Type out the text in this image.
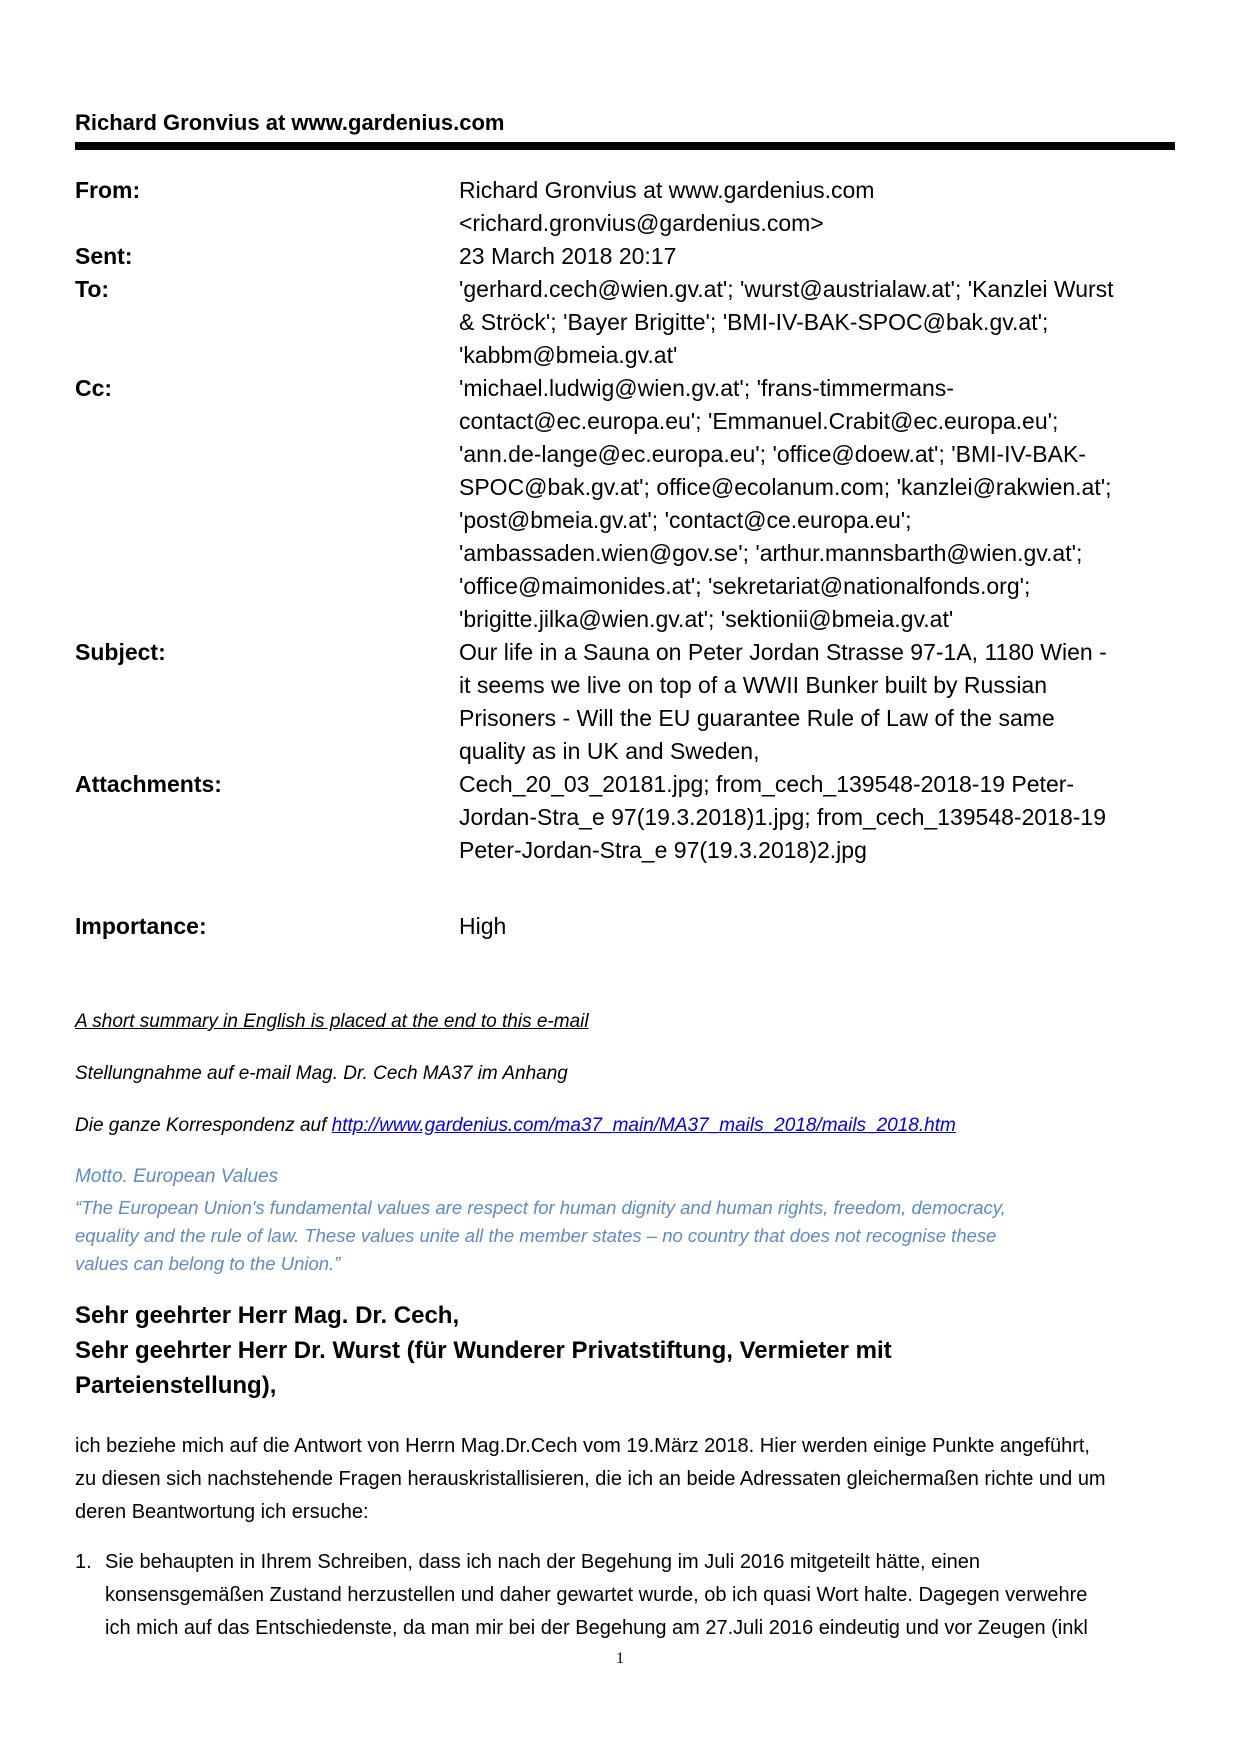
Richard Gronvius at www.gardenius.com
From:	Richard Gronvius at www.gardenius.com
<richard.gronvius@gardenius.com>
Sent:	23 March 2018 20:17
To:	'gerhard.cech@wien.gv.at'; 'wurst@austrialaw.at'; 'Kanzlei Wurst
& Ströck'; 'Bayer Brigitte'; 'BMI-IV-BAK-SPOC@bak.gv.at';
'kabbm@bmeia.gv.at'
Cc:	'michael.ludwig@wien.gv.at'; 'frans-timmermans-
contact@ec.europa.eu'; 'Emmanuel.Crabit@ec.europa.eu';
'ann.de-lange@ec.europa.eu'; 'office@doew.at'; 'BMI-IV-BAK-
SPOC@bak.gv.at'; office@ecolanum.com; 'kanzlei@rakwien.at';
'post@bmeia.gv.at'; 'contact@ce.europa.eu';
'ambassaden.wien@gov.se'; 'arthur.mannsbarth@wien.gv.at';
'office@maimonides.at'; 'sekretariat@nationalfonds.org';
'brigitte.jilka@wien.gv.at'; 'sektionii@bmeia.gv.at'
Subject:	Our life in a Sauna on Peter Jordan Strasse 97-1A, 1180 Wien -
it seems we live on top of a WWII Bunker built by Russian
Prisoners - Will the EU guarantee Rule of Law of the same
quality as in UK and Sweden,
Attachments:	Cech_20_03_20181.jpg; from_cech_139548-2018-19 Peter-
Jordan-Stra_e 97(19.3.2018)1.jpg; from_cech_139548-2018-19
Peter-Jordan-Stra_e 97(19.3.2018)2.jpg
Importance:	High
A short summary in English is placed at the end to this e-mail
Stellungnahme auf e-mail Mag. Dr. Cech MA37 im Anhang
Die ganze Korrespondenz auf http://www.gardenius.com/ma37_main/MA37_mails_2018/mails_2018.htm
Motto. European Values
“The European Union's fundamental values are respect for human dignity and human rights, freedom, democracy,
equality and the rule of law. These values unite all the member states – no country that does not recognise these
values can belong to the Union.”
Sehr geehrter Herr Mag. Dr. Cech,
Sehr geehrter Herr Dr. Wurst (für Wunderer Privatstiftung, Vermieter mit
Parteienstellung),
ich beziehe mich auf die Antwort von Herrn Mag.Dr.Cech vom 19.März 2018. Hier werden einige Punkte angeführt,
zu diesen sich nachstehende Fragen herauskristallisieren, die ich an beide Adressaten gleichermaßen richte und um
deren Beantwortung ich ersuche:
1. Sie behaupten in Ihrem Schreiben, dass ich nach der Begehung im Juli 2016 mitgeteilt hätte, einen
konsensgemäßen Zustand herzustellen und daher gewartet wurde, ob ich quasi Wort halte. Dagegen verwehre
ich mich auf das Entschiedenste, da man mir bei der Begehung am 27.Juli 2016 eindeutig und vor Zeugen (inkl
1
